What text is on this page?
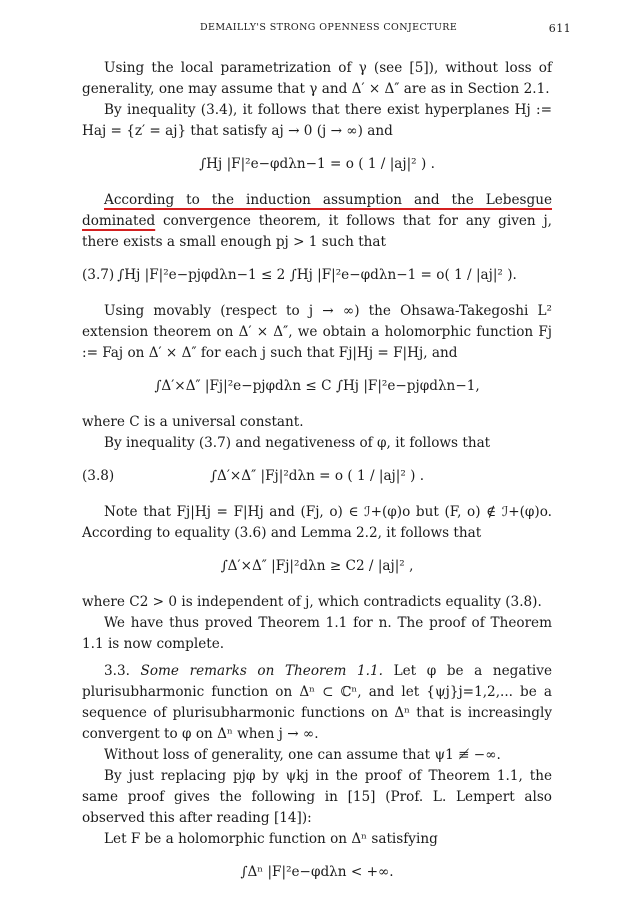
DEMAILLY'S STRONG OPENNESS CONJECTURE	611

Using the local parametrization of γ (see [5]), without loss of generality, one may assume that γ and Δ′ × Δ″ are as in Section 2.1.

By inequality (3.4), it follows that there exist hyperplanes Hj := Haj = {z′ = aj} that satisfy aj → 0 (j → ∞) and

∫Hj |F|²e−φdλn−1 = o ( 1 / |aj|² ) .

According to the induction assumption and the Lebesgue dominated convergence theorem, it follows that for any given j, there exists a small enough pj > 1 such that

(3.7) ∫Hj |F|²e−pjφdλn−1 ≤ 2 ∫Hj |F|²e−φdλn−1 = o( 1 / |aj|² ).

Using movably (respect to j → ∞) the Ohsawa-Takegoshi L² extension theorem on Δ′ × Δ″, we obtain a holomorphic function Fj := Faj on Δ′ × Δ″ for each j such that Fj|Hj = F|Hj, and

∫Δ′×Δ″ |Fj|²e−pjφdλn ≤ C ∫Hj |F|²e−pjφdλn−1,

where C is a universal constant.

By inequality (3.7) and negativeness of φ, it follows that

(3.8)	∫Δ′×Δ″ |Fj|²dλn = o ( 1 / |aj|² ) .

Note that Fj|Hj = F|Hj and (Fj, o) ∈ ℐ+(φ)o but (F, o) ∉ ℐ+(φ)o. According to equality (3.6) and Lemma 2.2, it follows that

∫Δ′×Δ″ |Fj|²dλn ≥ C2 / |aj|² ,

where C2 > 0 is independent of j, which contradicts equality (3.8).

We have thus proved Theorem 1.1 for n. The proof of Theorem 1.1 is now complete.

3.3. Some remarks on Theorem 1.1. Let φ be a negative plurisubharmonic function on Δⁿ ⊂ ℂⁿ, and let {ψj}j=1,2,... be a sequence of plurisubharmonic functions on Δⁿ that is increasingly convergent to φ on Δⁿ when j → ∞.

Without loss of generality, one can assume that ψ1 ≢ −∞.

By just replacing pjφ by ψkj in the proof of Theorem 1.1, the same proof gives the following in [15] (Prof. L. Lempert also observed this after reading [14]):

Let F be a holomorphic function on Δⁿ satisfying

∫Δⁿ |F|²e−φdλn < +∞.
